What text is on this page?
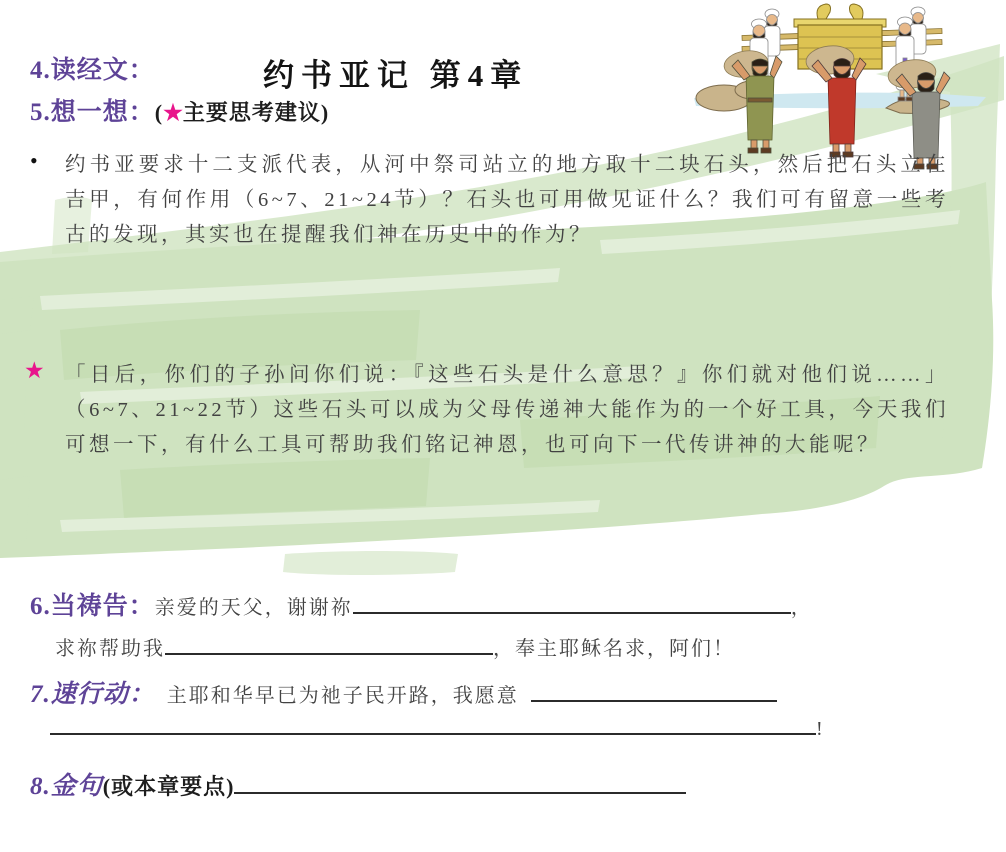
4.读经文：	约书亚记 第4章
5.想一想： ( ★ 主要思考建议)
• 约书亚要求十二支派代表，从河中祭司站立的地方取十二块石头，然后把石头立在吉甲，有何作用（6~7、21~24节）？石头也可用做见证什么？我们可有留意一些考古的发现，其实也在提醒我们神在历史中的作为？
★ 「日后，你们的子孙问你们说：『这些石头是什么意思？』你们就对他们说……」（6~7、21~22节）这些石头可以成为父母传递神大能作为的一个好工具，今天我们可想一下，有什么工具可帮助我们铭记神恩，也可向下一代传讲神的大能呢？
6.当祷告： 亲爱的天父，谢谢祢	，
求祢帮助我	，奉主耶稣名求，阿们！
7.速行动： 主耶和华早已为祂子民开路，我愿意
!
8.金句 (或本章要点)
